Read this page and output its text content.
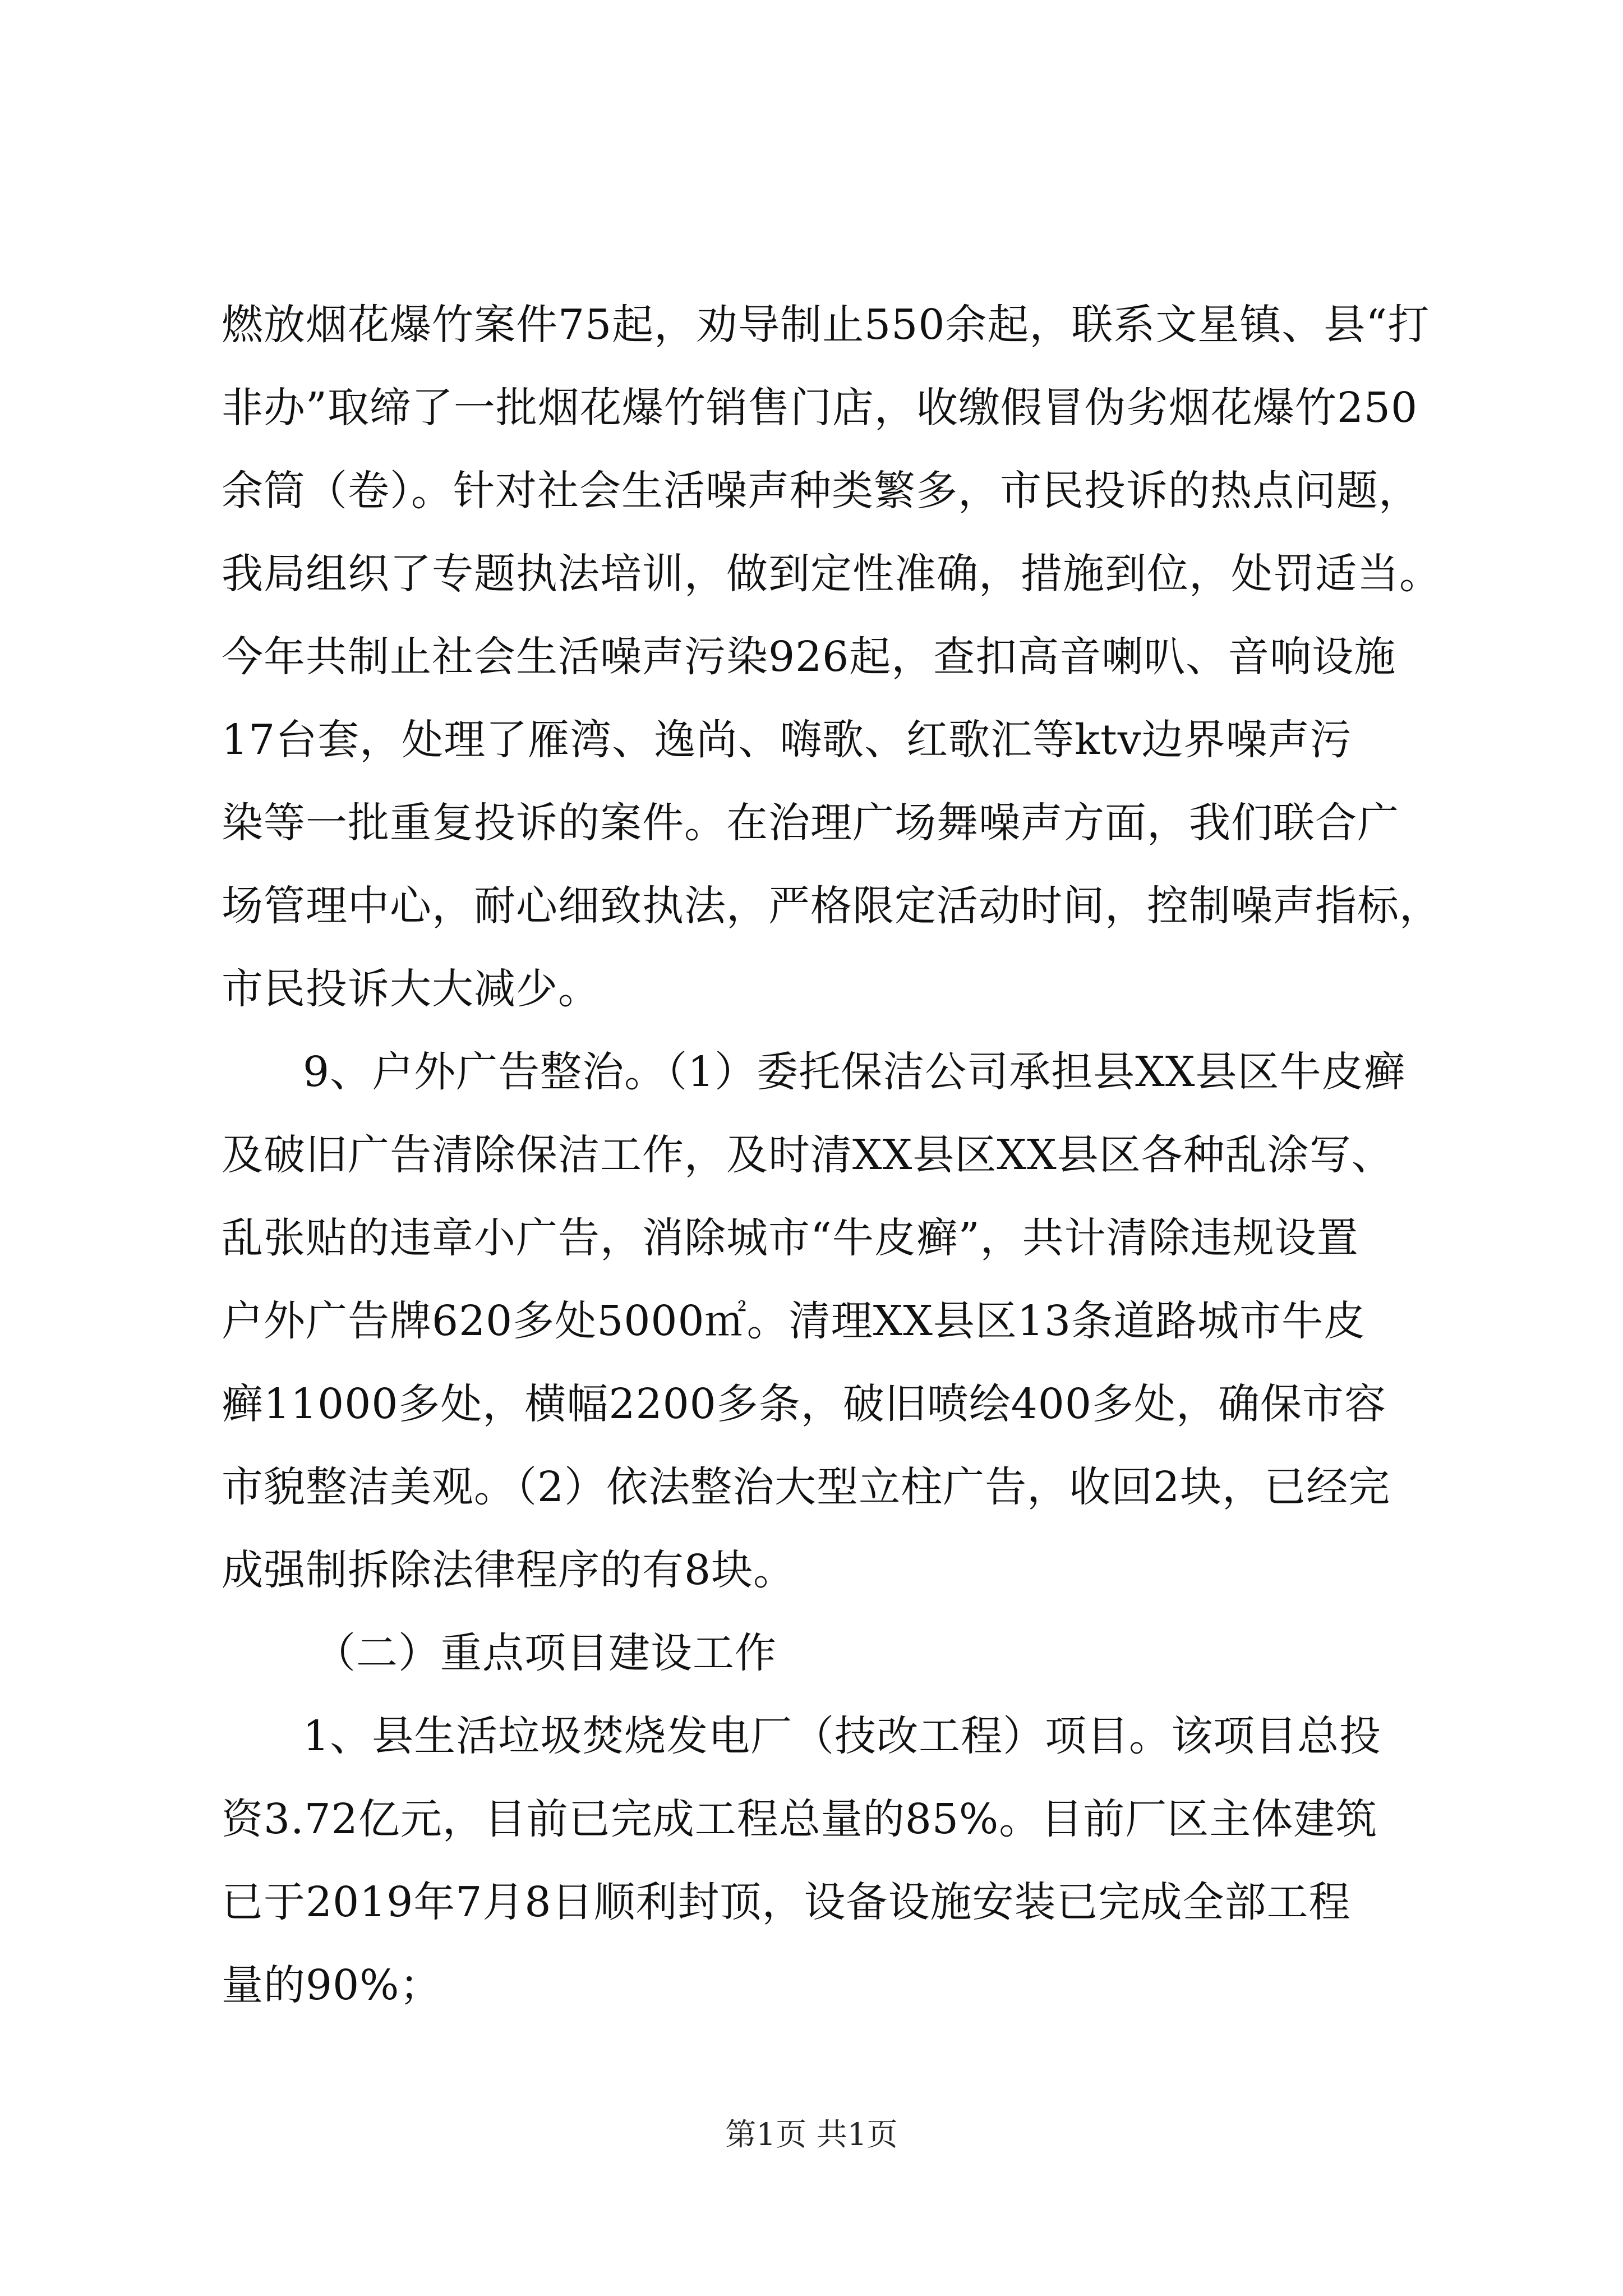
燃放烟花爆竹案件75起，劝导制止550余起，联系文星镇、县“打
非办”取缔了一批烟花爆竹销售门店，收缴假冒伪劣烟花爆竹250
余筒（卷）。针对社会生活噪声种类繁多，市民投诉的热点问题，
我局组织了专题执法培训，做到定性准确，措施到位，处罚适当。
今年共制止社会生活噪声污染926起，查扣高音喇叭、音响设施
17台套，处理了雁湾、逸尚、嗨歌、红歌汇等ktv边界噪声污
染等一批重复投诉的案件。在治理广场舞噪声方面，我们联合广
场管理中心，耐心细致执法，严格限定活动时间，控制噪声指标，
市民投诉大大减少。
9、户外广告整治。（1）委托保洁公司承担县XX县区牛皮癣
及破旧广告清除保洁工作，及时清XX县区XX县区各种乱涂写、
乱张贴的违章小广告，消除城市“牛皮癣”，共计清除违规设置
户外广告牌620多处5000㎡。清理XX县区13条道路城市牛皮
癣11000多处，横幅2200多条，破旧喷绘400多处，确保市容
市貌整洁美观。（2）依法整治大型立柱广告，收回2块，已经完
成强制拆除法律程序的有8块。
（二）重点项目建设工作
1、县生活垃圾焚烧发电厂（技改工程）项目。该项目总投
资3.72亿元，目前已完成工程总量的85%。目前厂区主体建筑
已于2019年7月8日顺利封顶，设备设施安装已完成全部工程
量的90%；
第1页 共1页
